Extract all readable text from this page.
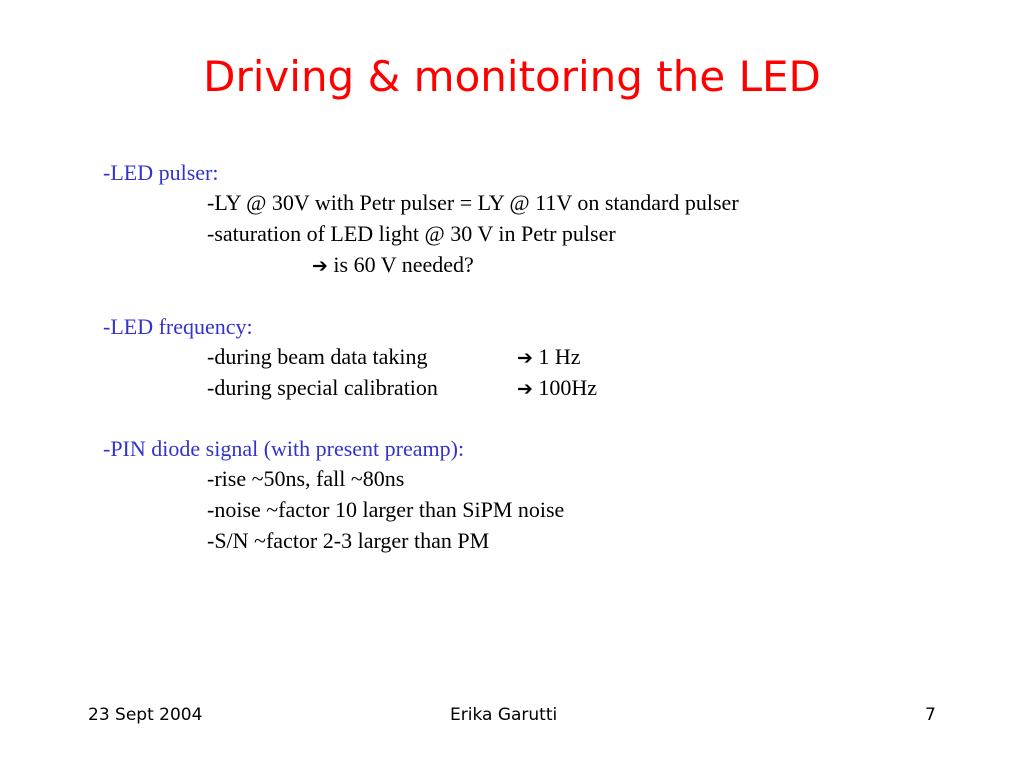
Driving & monitoring the LED
-LED pulser:
-LY @ 30V with Petr pulser = LY @ 11V on standard pulser
-saturation of LED light @ 30 V in Petr pulser
➔ is 60 V needed?
-LED frequency:
-during beam data taking	➔ 1 Hz
-during special calibration	➔ 100Hz
-PIN diode signal (with present preamp):
-rise ~50ns, fall ~80ns
-noise ~factor 10 larger than SiPM noise
-S/N ~factor 2-3 larger than PM
23 Sept 2004	Erika Garutti	7
